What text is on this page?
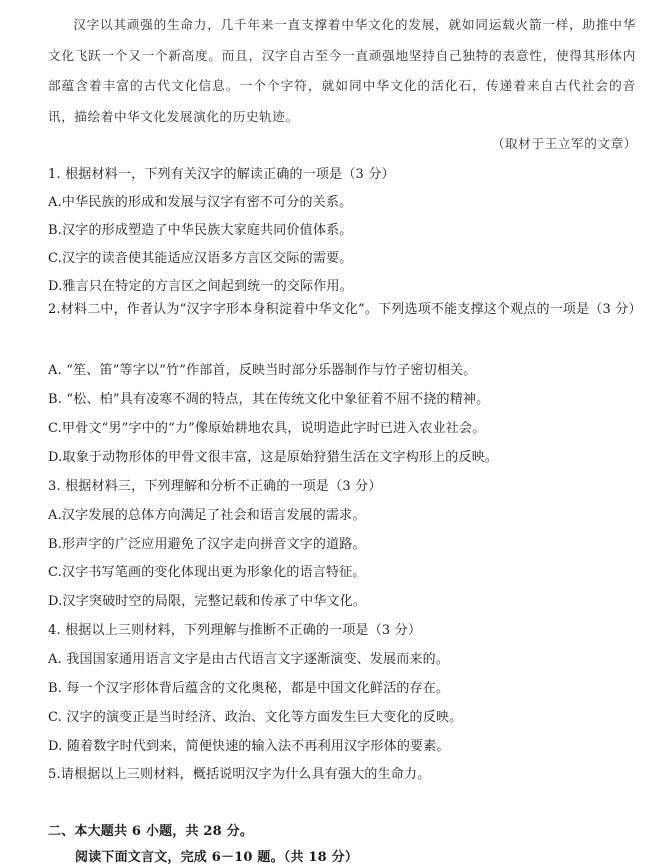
汉字以其顽强的生命力，几千年来一直支撑着中华文化的发展，就如同运载火箭一样，助推中华文化飞跃一个又一个新高度。而且，汉字自古至今一直顽强地坚持自己独特的表意性，使得其形体内部蕴含着丰富的古代文化信息。一个个字符，就如同中华文化的活化石，传递着来自古代社会的音讯，描绘着中华文化发展演化的历史轨迹。
（取材于王立军的文章）
1. 根据材料一，下列有关汉字的解读正确的一项是（3 分）
A.中华民族的形成和发展与汉字有密不可分的关系。
B.汉字的形成塑造了中华民族大家庭共同价值体系。
C.汉字的读音使其能适应汉语多方言区交际的需要。
D.雅言只在特定的方言区之间起到统一的交际作用。
2.材料二中，作者认为“汉字字形本身积淀着中华文化”。下列选项不能支撑这个观点的一项是（3 分）
A. “笙、笛”等字以“竹”作部首，反映当时部分乐器制作与竹子密切相关。
B. “松、柏”具有凌寒不凋的特点，其在传统文化中象征着不屈不挠的精神。
C.甲骨文“男”字中的“力”像原始耕地农具，说明造此字时已进入农业社会。
D.取象于动物形体的甲骨文很丰富，这是原始狩猎生活在文字构形上的反映。
3. 根据材料三，下列理解和分析不正确的一项是（3 分）
A.汉字发展的总体方向满足了社会和语言发展的需求。
B.形声字的广泛应用避免了汉字走向拼音文字的道路。
C.汉字书写笔画的变化体现出更为形象化的语言特征。
D.汉字突破时空的局限，完整记载和传承了中华文化。
4. 根据以上三则材料，下列理解与推断不正确的一项是（3 分）
A. 我国国家通用语言文字是由古代语言文字逐渐演变、发展而来的。
B. 每一个汉字形体背后蕴含的文化奥秘，都是中国文化鲜活的存在。
C. 汉字的演变正是当时经济、政治、文化等方面发生巨大变化的反映。
D. 随着数字时代到来，简便快速的输入法不再利用汉字形体的要素。
5.请根据以上三则材料，概括说明汉字为什么具有强大的生命力。
二、本大题共 6 小题，共 28 分。
阅读下面文言文，完成 6－10 题。（共 18 分）
